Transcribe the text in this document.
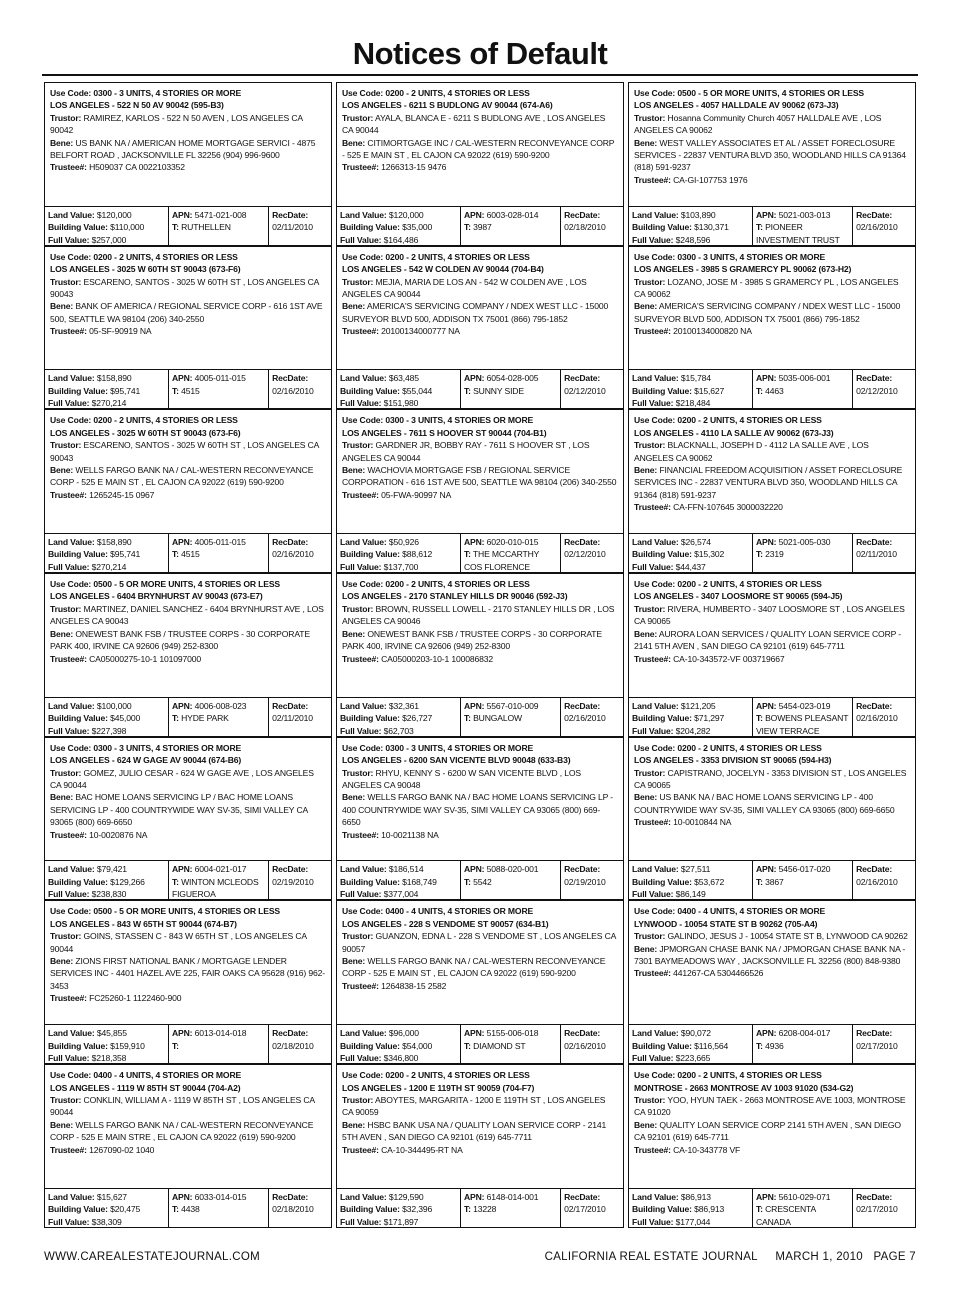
Notices of Default
Use Code: 0300 - 3 UNITS, 4 STORIES OR MORE
LOS ANGELES - 522 N 50 AV 90042 (595-B3)
Trustor: RAMIREZ, KARLOS - 522 N 50 AVEN , LOS ANGELES CA 90042
Bene: US BANK NA / AMERICAN HOME MORTGAGE SERVICI - 4875 BELFORT ROAD , JACKSONVILLE FL 32256 (904) 996-9600
Trustee#: H509037 CA 0022103352
Land Value: $120,000
Building Value: $110,000
Full Value: $257,000
APN: 5471-021-008
T: RUTHELLEN
RecDate:
02/11/2010
Use Code: 0200 - 2 UNITS, 4 STORIES OR LESS
LOS ANGELES - 3025 W 60TH ST 90043 (673-F6)
Trustor: ESCARENO, SANTOS - 3025 W 60TH ST , LOS ANGELES CA 90043
Bene: BANK OF AMERICA / REGIONAL SERVICE CORP - 616 1ST AVE 500, SEATTLE WA 98104 (206) 340-2550
Trustee#: 05-SF-90919 NA
Land Value: $158,890
Building Value: $95,741
Full Value: $270,214
APN: 4005-011-015
T: 4515
RecDate:
02/16/2010
Use Code: 0200 - 2 UNITS, 4 STORIES OR LESS
LOS ANGELES - 3025 W 60TH ST 90043 (673-F6)
Trustor: ESCARENO, SANTOS - 3025 W 60TH ST , LOS ANGELES CA 90043
Bene: WELLS FARGO BANK NA / CAL-WESTERN RECONVEYANCE CORP - 525 E MAIN ST , EL CAJON CA 92022 (619) 590-9200
Trustee#: 1265245-15 0967
Land Value: $158,890
Building Value: $95,741
Full Value: $270,214
APN: 4005-011-015
T: 4515
RecDate:
02/16/2010
Use Code: 0500 - 5 OR MORE UNITS, 4 STORIES OR LESS
LOS ANGELES - 6404 BRYNHURST AV 90043 (673-E7)
Trustor: MARTINEZ, DANIEL SANCHEZ - 6404 BRYNHURST AVE , LOS ANGELES CA 90043
Bene: ONEWEST BANK FSB / TRUSTEE CORPS - 30 CORPORATE PARK 400, IRVINE CA 92606 (949) 252-8300
Trustee#: CA05000275-10-1 101097000
Land Value: $100,000
Building Value: $45,000
Full Value: $227,398
APN: 4006-008-023
T: HYDE PARK
RecDate:
02/11/2010
Use Code: 0300 - 3 UNITS, 4 STORIES OR MORE
LOS ANGELES - 624 W GAGE AV 90044 (674-B6)
Trustor: GOMEZ, JULIO CESAR - 624 W GAGE AVE , LOS ANGELES CA 90044
Bene: BAC HOME LOANS SERVICING LP / BAC HOME LOANS SERVICING LP - 400 COUNTRYWIDE WAY SV-35, SIMI VALLEY CA 93065 (800) 669-6650
Trustee#: 10-0020876 NA
Land Value: $79,421
Building Value: $129,266
Full Value: $238,830
APN: 6004-021-017
T: WINTON MCLEODS FIGUEROA
RecDate:
02/19/2010
Use Code: 0500 - 5 OR MORE UNITS, 4 STORIES OR LESS
LOS ANGELES - 843 W 65TH ST 90044 (674-B7)
Trustor: GOINS, STASSEN C - 843 W 65TH ST , LOS ANGELES CA 90044
Bene: ZIONS FIRST NATIONAL BANK / MORTGAGE LENDER SERVICES INC - 4401 HAZEL AVE 225, FAIR OAKS CA 95628 (916) 962-3453
Trustee#: FC25260-1 1122460-900
Land Value: $45,855
Building Value: $159,910
Full Value: $218,358
APN: 6013-014-018
T:
RecDate:
02/18/2010
Use Code: 0400 - 4 UNITS, 4 STORIES OR MORE
LOS ANGELES - 1119 W 85TH ST 90044 (704-A2)
Trustor: CONKLIN, WILLIAM A - 1119 W 85TH ST , LOS ANGELES CA 90044
Bene: WELLS FARGO BANK NA / CAL-WESTERN RECONVEYANCE CORP - 525 E MAIN STRE , EL CAJON CA 92022 (619) 590-9200
Trustee#: 1267090-02 1040
Land Value: $15,627
Building Value: $20,475
Full Value: $38,309
APN: 6033-014-015
T: 4438
RecDate:
02/18/2010
Use Code: 0200 - 2 UNITS, 4 STORIES OR LESS
LOS ANGELES - 6211 S BUDLONG AV 90044 (674-A6)
Trustor: AYALA, BLANCA E - 6211 S BUDLONG AVE , LOS ANGELES CA 90044
Bene: CITIMORTGAGE INC / CAL-WESTERN RECONVEYANCE CORP - 525 E MAIN ST , EL CAJON CA 92022 (619) 590-9200
Trustee#: 1266313-15 9476
Land Value: $120,000
Building Value: $35,000
Full Value: $164,486
APN: 6003-028-014
T: 3987
RecDate:
02/18/2010
Use Code: 0200 - 2 UNITS, 4 STORIES OR LESS
LOS ANGELES - 542 W COLDEN AV 90044 (704-B4)
Trustor: MEJIA, MARIA DE LOS AN - 542 W COLDEN AVE , LOS ANGELES CA 90044
Bene: AMERICA'S SERVICING COMPANY / NDEX WEST LLC - 15000 SURVEYOR BLVD 500, ADDISON TX 75001 (866) 795-1852
Trustee#: 20100134000777 NA
Land Value: $63,485
Building Value: $55,044
Full Value: $151,980
APN: 6054-028-005
T: SUNNY SIDE
RecDate:
02/12/2010
Use Code: 0300 - 3 UNITS, 4 STORIES OR MORE
LOS ANGELES - 7611 S HOOVER ST 90044 (704-B1)
Trustor: GARDNER JR, BOBBY RAY - 7611 S HOOVER ST , LOS ANGELES CA 90044
Bene: WACHOVIA MORTGAGE FSB / REGIONAL SERVICE CORPORATION - 616 1ST AVE 500, SEATTLE WA 98104 (206) 340-2550
Trustee#: 05-FWA-90997 NA
Land Value: $50,926
Building Value: $88,612
Full Value: $137,700
APN: 6020-010-015
T: THE MCCARTHY COS FLORENCE
RecDate:
02/12/2010
Use Code: 0200 - 2 UNITS, 4 STORIES OR LESS
LOS ANGELES - 2170 STANLEY HILLS DR 90046 (592-J3)
Trustor: BROWN, RUSSELL LOWELL - 2170 STANLEY HILLS DR , LOS ANGELES CA 90046
Bene: ONEWEST BANK FSB / TRUSTEE CORPS - 30 CORPORATE PARK 400, IRVINE CA 92606 (949) 252-8300
Trustee#: CA05000203-10-1 100086832
Land Value: $32,361
Building Value: $26,727
Full Value: $62,703
APN: 5567-010-009
T: BUNGALOW
RecDate:
02/16/2010
Use Code: 0300 - 3 UNITS, 4 STORIES OR MORE
LOS ANGELES - 6200 SAN VICENTE BLVD 90048 (633-B3)
Trustor: RHYU, KENNY S - 6200 W SAN VICENTE BLVD , LOS ANGELES CA 90048
Bene: WELLS FARGO BANK NA / BAC HOME LOANS SERVICING LP - 400 COUNTRYWIDE WAY SV-35, SIMI VALLEY CA 93065 (800) 669-6650
Trustee#: 10-0021138 NA
Land Value: $186,514
Building Value: $168,749
Full Value: $377,004
APN: 5088-020-001
T: 5542
RecDate:
02/19/2010
Use Code: 0400 - 4 UNITS, 4 STORIES OR MORE
LOS ANGELES - 228 S VENDOME ST 90057 (634-B1)
Trustor: GUANZON, EDNA L - 228 S VENDOME ST , LOS ANGELES CA 90057
Bene: WELLS FARGO BANK NA / CAL-WESTERN RECONVEYANCE CORP - 525 E MAIN ST , EL CAJON CA 92022 (619) 590-9200
Trustee#: 1264838-15 2582
Land Value: $96,000
Building Value: $54,000
Full Value: $346,800
APN: 5155-006-018
T: DIAMOND ST
RecDate:
02/16/2010
Use Code: 0200 - 2 UNITS, 4 STORIES OR LESS
LOS ANGELES - 1200 E 119TH ST 90059 (704-F7)
Trustor: ABOYTES, MARGARITA - 1200 E 119TH ST , LOS ANGELES CA 90059
Bene: HSBC BANK USA NA / QUALITY LOAN SERVICE CORP - 2141 5TH AVEN , SAN DIEGO CA 92101 (619) 645-7711
Trustee#: CA-10-344495-RT NA
Land Value: $129,590
Building Value: $32,396
Full Value: $171,897
APN: 6148-014-001
T: 13228
RecDate:
02/17/2010
Use Code: 0500 - 5 OR MORE UNITS, 4 STORIES OR LESS
LOS ANGELES - 4057 HALLDALE AV 90062 (673-J3)
Trustor: Hosanna Community Church 4057 HALLDALE AVE , LOS ANGELES CA 90062
Bene: WEST VALLEY ASSOCIATES ET AL / ASSET FORECLOSURE SERVICES - 22837 VENTURA BLVD 350, WOODLAND HILLS CA 91364 (818) 591-9237
Trustee#: CA-GI-107753 1976
Land Value: $103,890
Building Value: $130,371
Full Value: $248,596
APN: 5021-003-013
T: PIONEER INVESTMENT TRUST
RecDate:
02/16/2010
Use Code: 0300 - 3 UNITS, 4 STORIES OR MORE
LOS ANGELES - 3985 S GRAMERCY PL 90062 (673-H2)
Trustor: LOZANO, JOSE M - 3985 S GRAMERCY PL , LOS ANGELES CA 90062
Bene: AMERICA'S SERVICING COMPANY / NDEX WEST LLC - 15000 SURVEYOR BLVD 500, ADDISON TX 75001 (866) 795-1852
Trustee#: 20100134000820 NA
Land Value: $15,784
Building Value: $15,627
Full Value: $218,484
APN: 5035-006-001
T: 4463
RecDate:
02/12/2010
Use Code: 0200 - 2 UNITS, 4 STORIES OR LESS
LOS ANGELES - 4110 LA SALLE AV 90062 (673-J3)
Trustor: BLACKNALL, JOSEPH D - 4112 LA SALLE AVE , LOS ANGELES CA 90062
Bene: FINANCIAL FREEDOM ACQUISITION / ASSET FORECLOSURE SERVICES INC - 22837 VENTURA BLVD 350, WOODLAND HILLS CA 91364 (818) 591-9237
Trustee#: CA-FFN-107645 3000032220
Land Value: $26,574
Building Value: $15,302
Full Value: $44,437
APN: 5021-005-030
T: 2319
RecDate:
02/11/2010
Use Code: 0200 - 2 UNITS, 4 STORIES OR LESS
LOS ANGELES - 3407 LOOSMORE ST 90065 (594-J5)
Trustor: RIVERA, HUMBERTO - 3407 LOOSMORE ST , LOS ANGELES CA 90065
Bene: AURORA LOAN SERVICES / QUALITY LOAN SERVICE CORP - 2141 5TH AVEN , SAN DIEGO CA 92101 (619) 645-7711
Trustee#: CA-10-343572-VF 003719667
Land Value: $121,205
Building Value: $71,297
Full Value: $204,282
APN: 5454-023-019
T: BOWENS PLEASANT VIEW TERRACE
RecDate:
02/16/2010
Use Code: 0200 - 2 UNITS, 4 STORIES OR LESS
LOS ANGELES - 3353 DIVISION ST 90065 (594-H3)
Trustor: CAPISTRANO, JOCELYN - 3353 DIVISION ST , LOS ANGELES CA 90065
Bene: US BANK NA / BAC HOME LOANS SERVICING LP - 400 COUNTRYWIDE WAY SV-35, SIMI VALLEY CA 93065 (800) 669-6650
Trustee#: 10-0010844 NA
Land Value: $27,511
Building Value: $53,672
Full Value: $86,149
APN: 5456-017-020
T: 3867
RecDate:
02/16/2010
Use Code: 0400 - 4 UNITS, 4 STORIES OR MORE
LYNWOOD - 10054 STATE ST B 90262 (705-A4)
Trustor: GALINDO, JESUS J - 10054 STATE ST B, LYNWOOD CA 90262
Bene: JPMORGAN CHASE BANK NA / JPMORGAN CHASE BANK NA - 7301 BAYMEADOWS WAY , JACKSONVILLE FL 32256 (800) 848-9380
Trustee#: 441267-CA 5304466526
Land Value: $90,072
Building Value: $116,564
Full Value: $223,665
APN: 6208-004-017
T: 4936
RecDate:
02/17/2010
Use Code: 0200 - 2 UNITS, 4 STORIES OR LESS
MONTROSE - 2663 MONTROSE AV 1003 91020 (534-G2)
Trustor: YOO, HYUN TAEK - 2663 MONTROSE AVE 1003, MONTROSE CA 91020
Bene: QUALITY LOAN SERVICE CORP 2141 5TH AVEN , SAN DIEGO CA 92101 (619) 645-7711
Trustee#: CA-10-343778 VF
Land Value: $86,913
Building Value: $86,913
Full Value: $177,044
APN: 5610-029-071
T: CRESCENTA CANADA
RecDate:
02/17/2010
WWW.CAREALESTATEJOURNAL.COM	CALIFORNIA REAL ESTATE JOURNAL MARCH 1, 2010 PAGE 7
